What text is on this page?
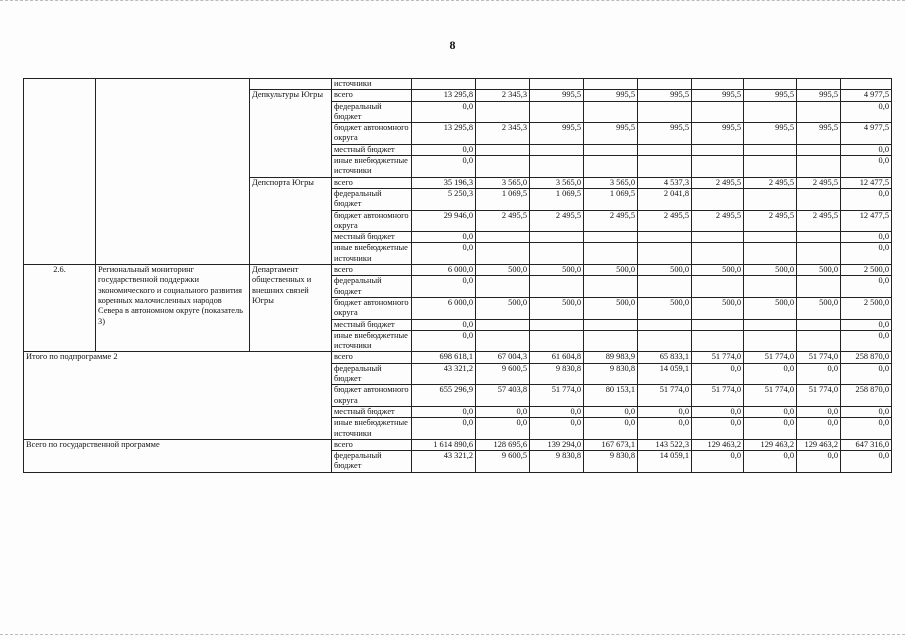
8
			источники									
		Депкультуры Югры	всего	13 295,8	2 345,3	995,5	995,5	995,5	995,5	995,5	995,5	4 977,5
			федеральный бюджет	0,0								0,0
			бюджет автономного округа	13 295,8	2 345,3	995,5	995,5	995,5	995,5	995,5	995,5	4 977,5
			местный бюджет	0,0								0,0
			иные внебюджетные источники	0,0								0,0
		Депспорта Югры	всего	35 196,3	3 565,0	3 565,0	3 565,0	4 537,3	2 495,5	2 495,5	2 495,5	12 477,5
			федеральный бюджет	5 250,3	1 069,5	1 069,5	1 069,5	2 041,8				0,0
			бюджет автономного округа	29 946,0	2 495,5	2 495,5	2 495,5	2 495,5	2 495,5	2 495,5	2 495,5	12 477,5
			местный бюджет	0,0								0,0
			иные внебюджетные источники	0,0								0,0
2.6.	Региональный мониторинг государственной поддержки экономического и социального развития коренных малочисленных народов Севера в автономном округе (показатель 3)	Департамент общественных и внешних связей Югры	всего	6 000,0	500,0	500,0	500,0	500,0	500,0	500,0	500,0	2 500,0
			федеральный бюджет	0,0								0,0
			бюджет автономного округа	6 000,0	500,0	500,0	500,0	500,0	500,0	500,0	500,0	2 500,0
			местный бюджет	0,0								0,0
			иные внебюджетные источники	0,0								0,0
Итого по подпрограмме 2			всего	698 618,1	67 004,3	61 604,8	89 983,9	65 833,1	51 774,0	51 774,0	51 774,0	258 870,0
			федеральный бюджет	43 321,2	9 600,5	9 830,8	9 830,8	14 059,1	0,0	0,0	0,0	0,0
			бюджет автономного округа	655 296,9	57 403,8	51 774,0	80 153,1	51 774,0	51 774,0	51 774,0	51 774,0	258 870,0
			местный бюджет	0,0	0,0	0,0	0,0	0,0	0,0	0,0	0,0	0,0
			иные внебюджетные источники	0,0	0,0	0,0	0,0	0,0	0,0	0,0	0,0	0,0
Всего по государственной программе			всего	1 614 890,6	128 695,6	139 294,0	167 673,1	143 522,3	129 463,2	129 463,2	129 463,2	647 316,0
			федеральный бюджет	43 321,2	9 600,5	9 830,8	9 830,8	14 059,1	0,0	0,0	0,0	0,0
